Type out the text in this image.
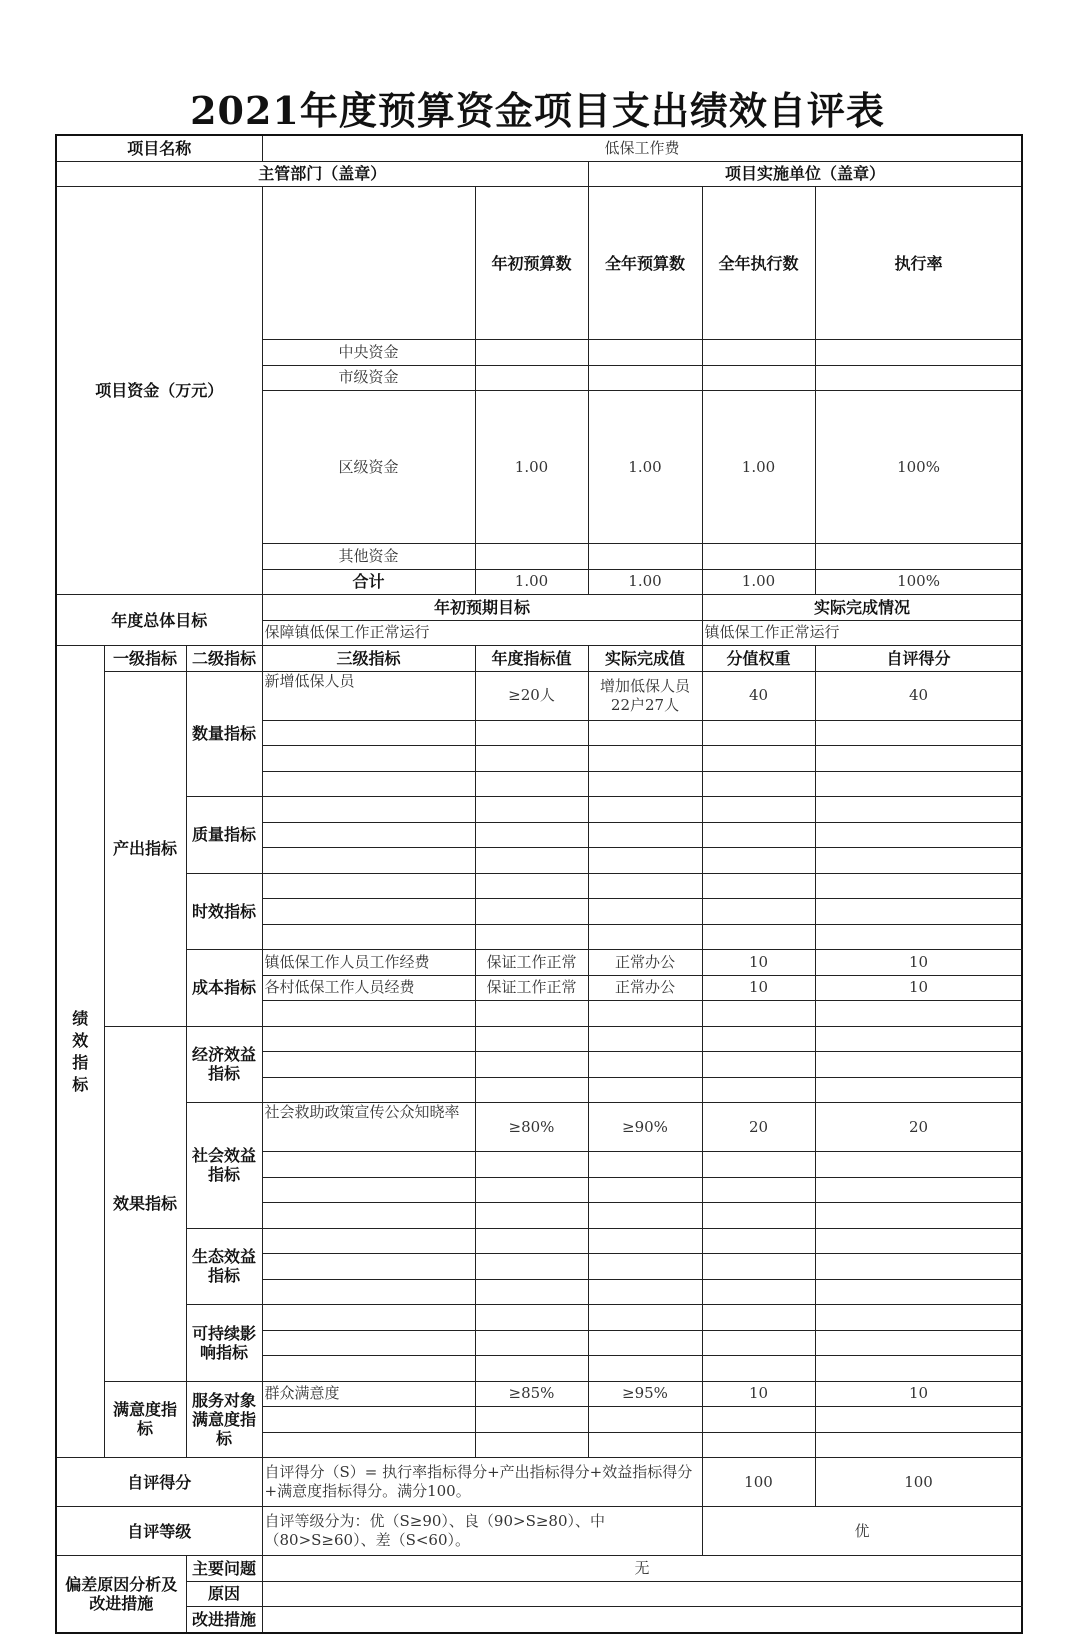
2021年度预算资金项目支出绩效自评表
项目名称			低保工作费					
主管部门（盖章）					项目实施单位（盖章）			
项目资金（万元）				年初预算数	全年预算数	全年执行数	执行率	
			中央资金					
			市级资金					
			区级资金	1.00	1.00	1.00	100%	
			其他资金					
			合计	1.00	1.00	1.00	100%	
年度总体目标			年初预期目标			实际完成情况		
			保障镇低保工作正常运行			镇低保工作正常运行		
绩效指标	一级指标	二级指标	三级指标	年度指标值	实际完成值	分值权重	自评得分	
	产出指标	数量指标	新增低保人员	≥20人	增加低保人员22户27人	40	40	

		质量指标						

		时效指标						

		成本指标	镇低保工作人员工作经费	保证工作正常	正常办公	10	10	
			各村低保工作人员经费	保证工作正常	正常办公	10	10	

	效果指标	经济效益指标						

		社会效益指标	社会救助政策宣传公众知晓率	≥80%	≥90%	20	20	

		生态效益指标						

		可持续影响指标						

	满意度指标	服务对象满意度指标	群众满意度	≥85%	≥95%	10	10	

自评得分			自评得分（S）= 执行率指标得分+产出指标得分+效益指标得分+满意度指标得分。满分100。			100	100	
自评等级			自评等级分为：优（S≥90）、良（90>S≥80）、中（80>S≥60）、差（S<60）。			优		
偏差原因分析及改进措施		主要问题	无					
		原因						
		改进措施						
